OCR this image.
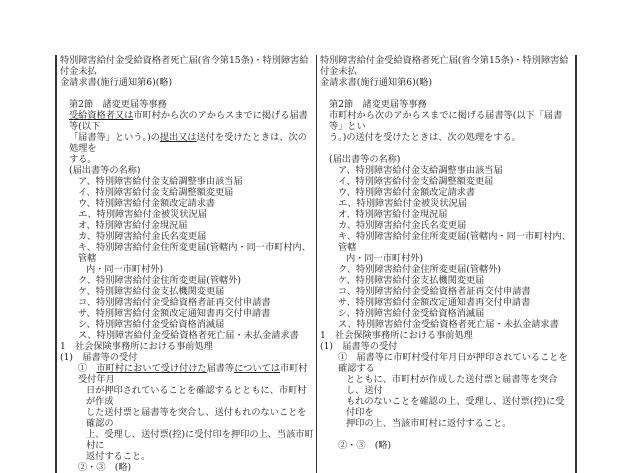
特別障害給付金受給資格者死亡届(省令第15条)・特別障害給付金未払
金請求書(施行通知第6)(略)
第2節　諸変更届等事務
受給資格者又は市町村から次のアからスまでに掲げる届書等(以下
「届書等」という。)の提出又は送付を受けたときは、次の処理を
する。
(届出書等の名称)
ア、特別障害給付金支給調整事由該当届
イ、特別障害給付金支給調整額変更届
ウ、特別障害給付金額改定請求書
エ、特別障害給付金被災状況届
オ、特別障害給付金現況届
カ、特別障害給付金氏名変更届
キ、特別障害給付金住所変更届(管轄内・同一市町村内、管轄
内・同一市町村外)
ク、特別障害給付金住所変更届(管轄外)
ケ、特別障害給付金支払機関変更届
コ、特別障害給付金受給資格者証再交付申請書
サ、特別障害給付金額改定通知書再交付申請書
シ、特別障害給付金受給資格消滅届
ス、特別障害給付金受給資格者死亡届・未払金請求書
1　社会保険事務所における事前処理
(1)　届書等の受付
①　市町村において受け付けた届書等については市町村受付年月
日が押印されていることを確認するとともに、市町村が作成
した送付票と届書等を突合し、送付もれのないことを確認の
上、受理し、送付票(控)に受付印を押印の上、当該市町村に
返付すること。
②・③　(略)
特別障害給付金受給資格者死亡届(省令第15条)・特別障害給付金未払
金請求書(施行通知第6)(略)
第2節　諸変更届等事務
市町村から次のアからスまでに掲げる届書等(以下「届書等」とい
う。)の送付を受けたときは、次の処理をする。
(届出書等の名称)
ア、特別障害給付金支給調整事由該当届
イ、特別障害給付金支給調整額変更届
ウ、特別障害給付金額改定請求書
エ、特別障害給付金被災状況届
オ、特別障害給付金現況届
カ、特別障害給付金氏名変更届
キ、特別障害給付金住所変更届(管轄内・同一市町村内、管轄
内・同一市町村外)
ク、特別障害給付金住所変更届(管轄外)
ケ、特別障害給付金支払機関変更届
コ、特別障害給付金受給資格者証再交付申請書
サ、特別障害給付金額改定通知書再交付申請書
シ、特別障害給付金受給資格消滅届
ス、特別障害給付金受給資格者死亡届・未払金請求書
1　社会保険事務所における事前処理
(1)　届書等の受付
①　届書等に市町村受付年月日が押印されていることを確認する
とともに、市町村が作成した送付票と届書等を突合し、送付
もれのないことを確認の上、受理し、送付票(控)に受付印を
押印の上、当該市町村に返付すること。
②・③　(略)
